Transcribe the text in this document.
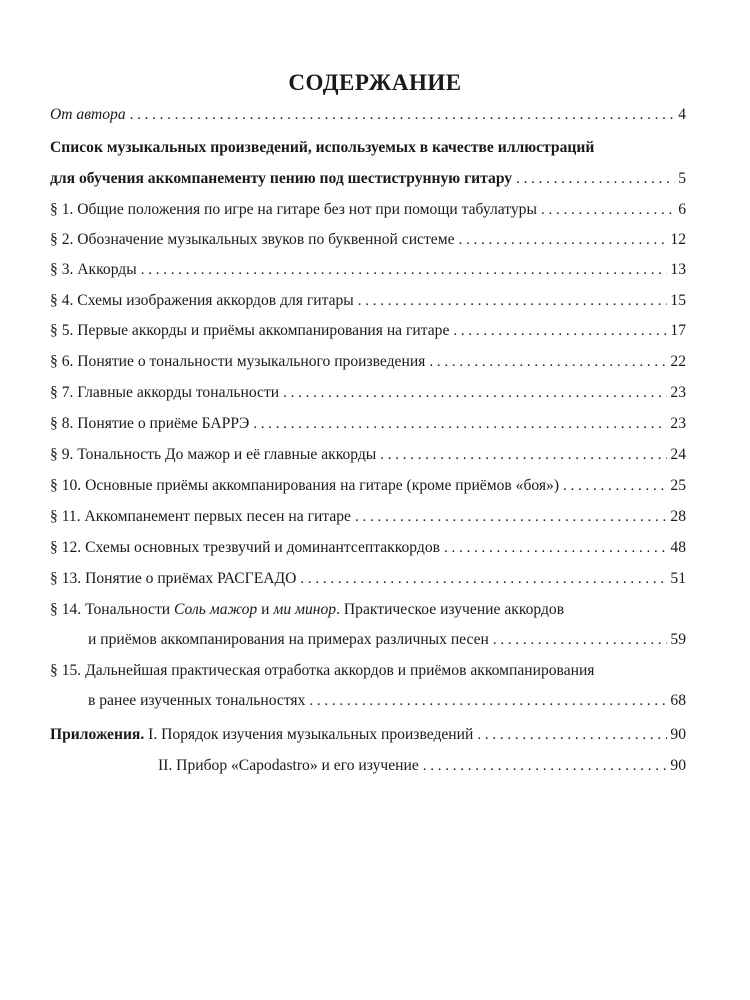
СОДЕРЖАНИЕ
От автора . . .	4
Список музыкальных произведений, используемых в качестве иллюстраций
для обучения аккомпанементу пению под шестиструнную гитару . . .	5
§ 1. Общие положения по игре на гитаре без нот при помощи табулатуры . . .	6
§ 2. Обозначение музыкальных звуков по буквенной системе . . .	12
§ 3. Аккорды . . .	13
§ 4. Схемы изображения аккордов для гитары . . .	15
§ 5. Первые аккорды и приёмы аккомпанирования на гитаре . . .	17
§ 6. Понятие о тональности музыкального произведения . . .	22
§ 7. Главные аккорды тональности . . .	23
§ 8. Понятие о приёме БАРРЭ . . .	23
§ 9. Тональность До мажор и её главные аккорды . . .	24
§ 10. Основные приёмы аккомпанирования на гитаре (кроме приёмов «боя») . . .	25
§ 11. Аккомпанемент первых песен на гитаре . . .	28
§ 12. Схемы основных трезвучий и доминантсептаккордов . . .	48
§ 13. Понятие о приёмах РАСГЕАДО . . .	51
§ 14. Тональности Соль мажор и ми минор. Практическое изучение аккордов
и приёмов аккомпанирования на примерах различных песен . . .	59
§ 15. Дальнейшая практическая отработка аккордов и приёмов аккомпанирования
в ранее изученных тональностях . . .	68
Приложения. I. Порядок изучения музыкальных произведений . . .	90
II. Прибор «Capodastro» и его изучение . . .	90
